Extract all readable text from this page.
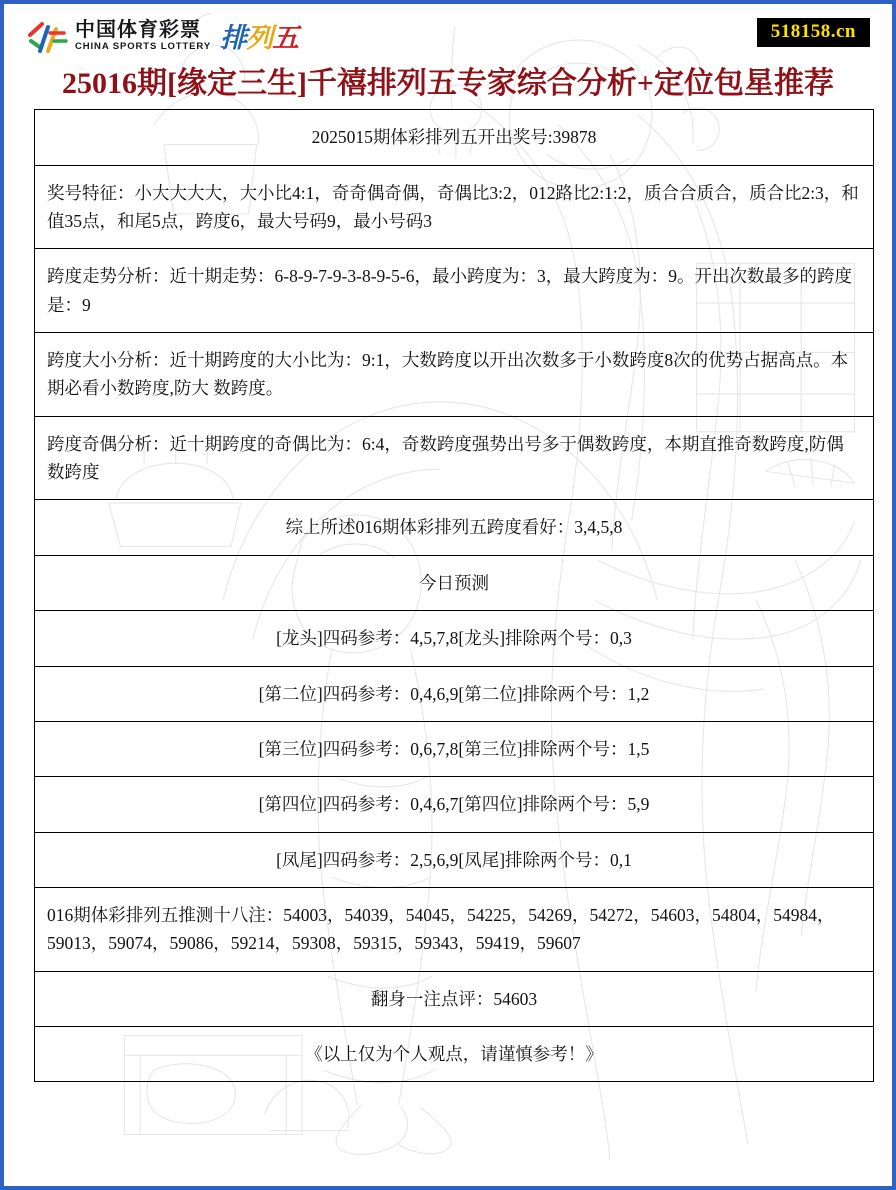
中国体育彩票
CHINA SPORTS LOTTERY 排列五	518158.cn
25016期[缘定三生]千禧排列五专家综合分析+定位包星推荐
2025015期体彩排列五开出奖号:39878
奖号特征：小大大大大，大小比4:1，奇奇偶奇偶，奇偶比3:2，012路比2:1:2，质合合质合，质合比2:3，和值35点，和尾5点，跨度6，最大号码9，最小号码3
跨度走势分析：近十期走势：6-8-9-7-9-3-8-9-5-6，最小跨度为：3，最大跨度为：9。开出次数最多的跨度是：9
跨度大小分析：近十期跨度的大小比为：9:1，大数跨度以开出次数多于小数跨度8次的优势占据高点。本期必看小数跨度,防大 数跨度。
跨度奇偶分析：近十期跨度的奇偶比为：6:4，奇数跨度强势出号多于偶数跨度，本期直推奇数跨度,防偶数跨度
综上所述016期体彩排列五跨度看好：3,4,5,8
今日预测
[龙头]四码参考：4,5,7,8[龙头]排除两个号：0,3
[第二位]四码参考：0,4,6,9[第二位]排除两个号：1,2
[第三位]四码参考：0,6,7,8[第三位]排除两个号：1,5
[第四位]四码参考：0,4,6,7[第四位]排除两个号：5,9
[凤尾]四码参考：2,5,6,9[凤尾]排除两个号：0,1
016期体彩排列五推测十八注：54003，54039，54045，54225，54269，54272，54603，54804，54984，59013，59074，59086，59214，59308，59315，59343，59419，59607
翻身一注点评：54603
《以上仅为个人观点，请谨慎参考！》
